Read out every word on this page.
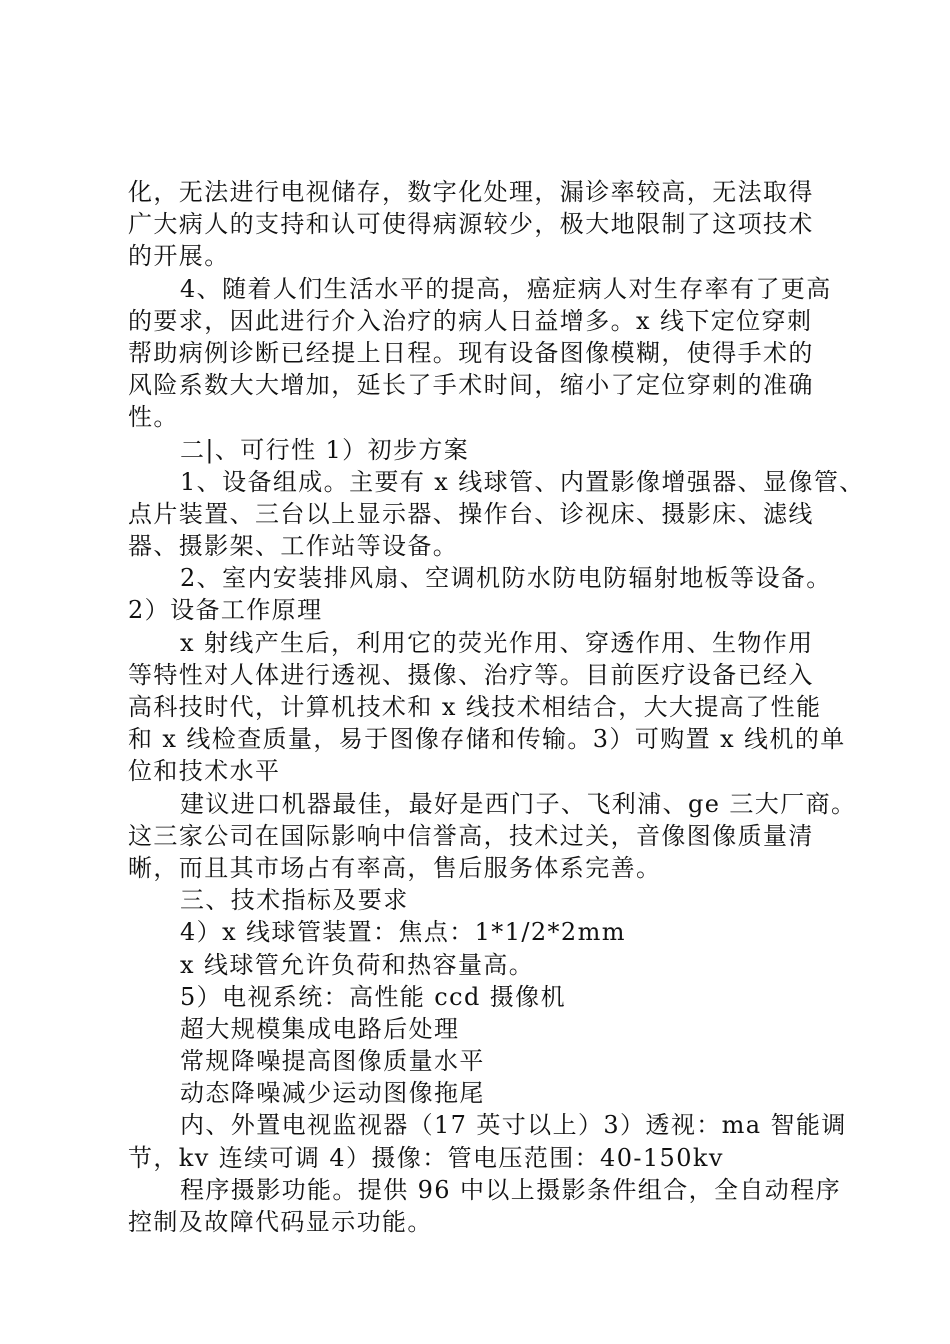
化，无法进行电视储存，数字化处理，漏诊率较高，无法取得
广大病人的支持和认可使得病源较少，极大地限制了这项技术
的开展。
4、随着人们生活水平的提高，癌症病人对生存率有了更高
的要求，因此进行介入治疗的病人日益增多。x 线下定位穿刺
帮助病例诊断已经提上日程。现有设备图像模糊，使得手术的
风险系数大大增加，延长了手术时间，缩小了定位穿刺的准确
性。
二|、可行性 1）初步方案
1、设备组成。主要有 x 线球管、内置影像增强器、显像管、
点片装置、三台以上显示器、操作台、诊视床、摄影床、滤线
器、摄影架、工作站等设备。
2、室内安装排风扇、空调机防水防电防辐射地板等设备。
2）设备工作原理
x 射线产生后，利用它的荧光作用、穿透作用、生物作用
等特性对人体进行透视、摄像、治疗等。目前医疗设备已经入
高科技时代，计算机技术和 x 线技术相结合，大大提高了性能
和 x 线检查质量，易于图像存储和传输。3）可购置 x 线机的单
位和技术水平
建议进口机器最佳，最好是西门子、飞利浦、ge 三大厂商。
这三家公司在国际影响中信誉高，技术过关，音像图像质量清
晰，而且其市场占有率高，售后服务体系完善。
三、技术指标及要求
4）x 线球管装置：焦点：1*1/2*2mm
x 线球管允许负荷和热容量高。
5）电视系统：高性能 ccd 摄像机
超大规模集成电路后处理
常规降噪提高图像质量水平
动态降噪减少运动图像拖尾
内、外置电视监视器（17 英寸以上）3）透视：ma 智能调
节，kv 连续可调 4）摄像：管电压范围：40-150kv
程序摄影功能。提供 96 中以上摄影条件组合，全自动程序
控制及故障代码显示功能。
